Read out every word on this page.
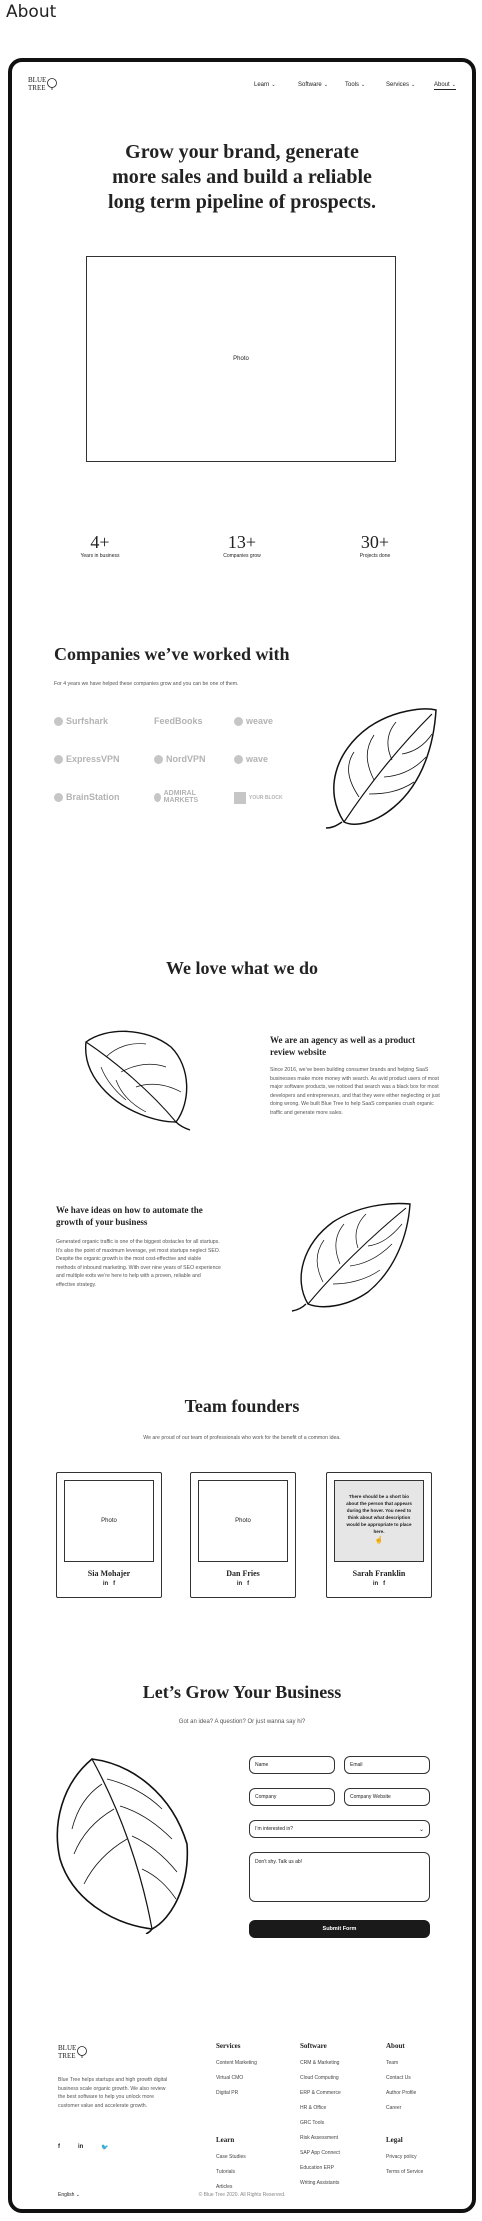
About
BLUE
TREE	Learn ⌄	Software ⌄	Tools ⌄	Services ⌄	About ⌄
Grow your brand, generate
more sales and build a reliable
long term pipeline of prospects.
Photo
4+
Years in business
13+
Companies grow
30+
Projects done
Companies we’ve worked with
For 4 years we have helped these companies grow and you can be one of them.
Surfshark	FeedBooks	weave
ExpressVPN	NordVPN	wave
BrainStation	ADMIRAL MARKETS	YOUR BLOCK
We love what we do
We are an agency as well as a product review website
Since 2016, we’ve been building consumer brands and helping SaaS businesses make more money with search. As avid product users of most major software products, we noticed that search was a black box for most developers and entrepreneurs, and that they were either neglecting or just doing wrong. We built Blue Tree to help SaaS companies crush organic traffic and generate more sales.
We have ideas on how to automate the growth of your business
Generated organic traffic is one of the biggest obstacles for all startups. It’s also the point of maximum leverage, yet most startups neglect SEO. Despite the organic growth is the most cost-effective and viable methods of inbound marketing. With over nine years of SEO experience and multiple exits we’re here to help with a proven, reliable and effective strategy.
Team founders
We are proud of our team of professionals who work for the benefit of a common idea.
Photo
Sia Mohajer
in f
Photo
Dan Fries
in f
There should be a short bio about the person that appears during the hover. You need to think about what description would be appropriate to place here.
☝
Sarah Franklin
in f
Let’s Grow Your Business
Got an idea? A question? Or just wanna say hi?
Name	Email
Company	Company Website
I’m interested in?	⌄
Don’t shy. Talk us ab!
Submit Form
BLUE
TREE
Blue Tree helps startups and high growth digital business scale organic growth. We also review the best software to help you unlock more customer value and accelerate growth.
f	in	🐦
Services
Content Marketing
Virtual CMO
Digital PR
Learn
Case Studies
Tutorials
Articles
Software
CRM & Marketing
Cloud Computing
ERP & Commerce
HR & Office
GRC Tools
Risk Assessment
SAP App Connect
Education ERP
Writing Assistants
About
Team
Contact Us
Author Profile
Career
Legal
Privacy policy
Terms of Service
English ⌄	© Blue Tree 2020. All Rights Reserved.
